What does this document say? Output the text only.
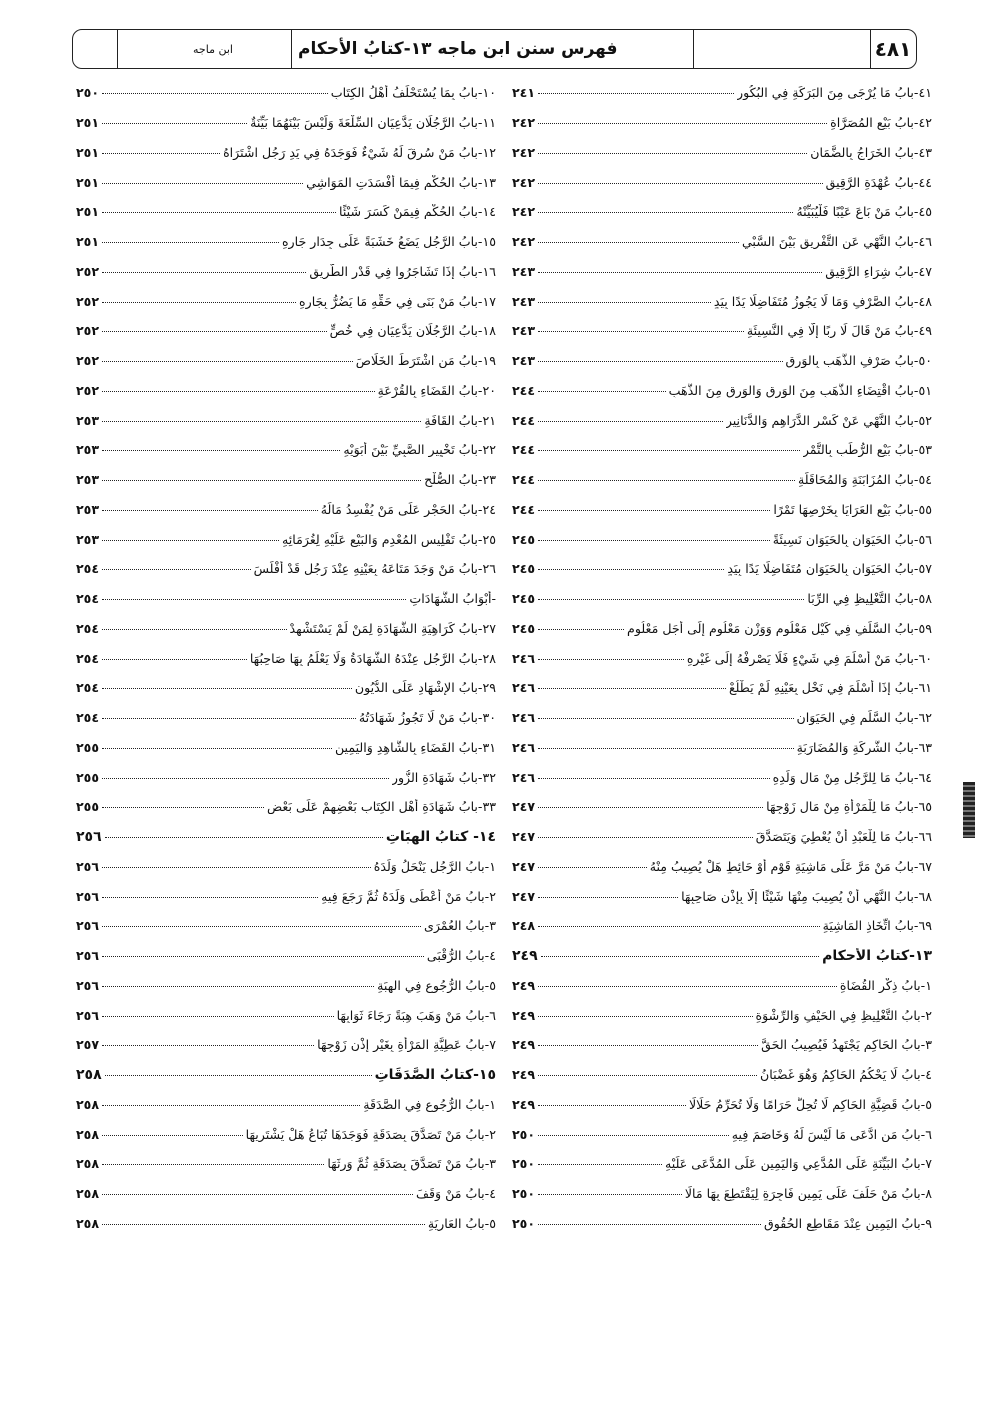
٤٨١
فهرس سنن ابن ماجه ١٣-كتابُ الأحكام
ابن ماجه
٤١-بابُ مَا يُرْجَى مِنَ البَرَكَةِ فِي البُكُورِ
٢٤١
٤٢-بابُ بَيْعِ المُصَرَّاةِ
٢٤٢
٤٣-بابُ الخَرَاجُ بِالضَّمَانِ
٢٤٢
٤٤-بابُ عُهْدَةِ الرَّقِيقِ
٢٤٢
٤٥-بابُ مَنْ بَاعَ عَيْبًا فَلْيُبَيِّنْهُ
٢٤٢
٤٦-بابُ النَّهْيِ عَنِ التَّفْرِيقِ بَيْنَ السَّبْيِ
٢٤٢
٤٧-بابُ شِرَاءِ الرَّقِيقِ
٢٤٣
٤٨-بابُ الصَّرْفِ وَمَا لَا يَجُوزُ مُتَفَاضِلًا يَدًا بِيَدٍ
٢٤٣
٤٩-بابُ مَنْ قَالَ لَا رِبًا إِلَّا فِي النَّسِيئَةِ
٢٤٣
٥٠-بابُ صَرْفِ الذَّهَبِ بِالوَرِقِ
٢٤٣
٥١-بابُ اقْتِضَاءِ الذَّهَبِ مِنَ الوَرِقِ وَالوَرِقِ مِنَ الذَّهَبِ
٢٤٤
٥٢-بابُ النَّهْيِ عَنْ كَسْرِ الدَّرَاهِمِ وَالدَّنَانِيرِ
٢٤٤
٥٣-بابُ بَيْعِ الرُّطَبِ بِالتَّمْرِ
٢٤٤
٥٤-بابُ المُزَابَنَةِ وَالمُحَاقَلَةِ
٢٤٤
٥٥-بابُ بَيْعِ العَرَايَا بِخَرْصِهَا تَمْرًا
٢٤٤
٥٦-بابُ الحَيَوَانِ بِالحَيَوَانِ نَسِيئَةً
٢٤٥
٥٧-بابُ الحَيَوَانِ بِالحَيَوَانِ مُتَفَاضِلًا يَدًا بِيَدٍ
٢٤٥
٥٨-بابُ التَّغْلِيظِ فِي الرِّبَا
٢٤٥
٥٩-بابُ السَّلَفِ فِي كَيْلٍ مَعْلُومٍ وَوَزْنٍ مَعْلُومٍ إِلَى أَجَلٍ مَعْلُومٍ
٢٤٥
٦٠-بابُ مَنْ أَسْلَمَ فِي شَيْءٍ فَلَا يَصْرِفْهُ إِلَى غَيْرِهِ
٢٤٦
٦١-بابُ إِذَا أَسْلَمَ فِي نَخْلٍ بِعَيْنِهِ لَمْ يَطْلُعْ
٢٤٦
٦٢-بابُ السَّلَمِ فِي الحَيَوَانِ
٢٤٦
٦٣-بابُ الشَّرِكَةِ وَالمُضَارَبَةِ
٢٤٦
٦٤-بابُ مَا لِلرَّجُلِ مِنْ مَالِ وَلَدِهِ
٢٤٦
٦٥-بابُ مَا لِلْمَرْأَةِ مِنْ مَالِ زَوْجِهَا
٢٤٧
٦٦-بابُ مَا لِلْعَبْدِ أَنْ يُعْطِيَ وَيَتَصَدَّقَ
٢٤٧
٦٧-بابُ مَنْ مَرَّ عَلَى مَاشِيَةِ قَوْمٍ أَوْ حَائِطٍ هَلْ يُصِيبُ مِنْهُ
٢٤٧
٦٨-بابُ النَّهْيِ أَنْ يُصِيبَ مِنْهَا شَيْئًا إِلَّا بِإِذْنِ صَاحِبِهَا
٢٤٧
٦٩-بابُ اتِّخَاذِ المَاشِيَةِ
٢٤٨
١٣-كتابُ الأحكامِ
٢٤٩
١-بابُ ذِكْرِ القُضَاةِ
٢٤٩
٢-بابُ التَّغْلِيظِ فِي الحَيْفِ وَالرِّشْوَةِ
٢٤٩
٣-بابُ الحَاكِمِ يَجْتَهِدُ فَيُصِيبُ الحَقَّ
٢٤٩
٤-بابُ لَا يَحْكُمُ الحَاكِمُ وَهُوَ غَضْبَانُ
٢٤٩
٥-بابُ قَضِيَّةِ الحَاكِمِ لَا تُحِلُّ حَرَامًا وَلَا تُحَرِّمُ حَلَالًا
٢٤٩
٦-بابُ مَنِ ادَّعَى مَا لَيْسَ لَهُ وَخَاصَمَ فِيهِ
٢٥٠
٧-بابُ البَيِّنَةِ عَلَى المُدَّعِي وَاليَمِينِ عَلَى المُدَّعَى عَلَيْهِ
٢٥٠
٨-بابُ مَنْ حَلَفَ عَلَى يَمِينٍ فَاجِرَةٍ لِيَقْتَطِعَ بِهَا مَالًا
٢٥٠
٩-بابُ اليَمِينِ عِنْدَ مَقَاطِعِ الحُقُوقِ
٢٥٠
١٠-بابُ بِمَا يُسْتَحْلَفُ أَهْلُ الكِتَابِ
٢٥٠
١١-بابُ الرَّجُلَانِ يَدَّعِيَانِ السِّلْعَةَ وَلَيْسَ بَيْنَهُمَا بَيِّنَةٌ
٢٥١
١٢-بابُ مَنْ سُرِقَ لَهُ شَيْءٌ فَوَجَدَهُ فِي يَدِ رَجُلٍ اشْتَرَاهُ
٢٥١
١٣-بابُ الحُكْمِ فِيمَا أَفْسَدَتِ المَوَاشِي
٢٥١
١٤-بابُ الحُكْمِ فِيمَنْ كَسَرَ شَيْئًا
٢٥١
١٥-بابُ الرَّجُلِ يَضَعُ خَشَبَةً عَلَى جِدَارِ جَارِهِ
٢٥١
١٦-بابُ إِذَا تَشَاجَرُوا فِي قَدْرِ الطَّرِيقِ
٢٥٢
١٧-بابُ مَنْ بَنَى فِي حَقِّهِ مَا يَضُرُّ بِجَارِهِ
٢٥٢
١٨-بابُ الرَّجُلَانِ يَدَّعِيَانِ فِي خُصٍّ
٢٥٢
١٩-بابُ مَنِ اشْتَرَطَ الخَلَاصَ
٢٥٢
٢٠-بابُ القَضَاءِ بِالقُرْعَةِ
٢٥٢
٢١-بابُ القَافَةِ
٢٥٣
٢٢-بابُ تَخْيِيرِ الصَّبِيِّ بَيْنَ أَبَوَيْهِ
٢٥٣
٢٣-بابُ الصُّلْحِ
٢٥٣
٢٤-بابُ الحَجْرِ عَلَى مَنْ يُفْسِدُ مَالَهُ
٢٥٣
٢٥-بابُ تَفْلِيسِ المُعْدِمِ وَالبَيْعِ عَلَيْهِ لِغُرَمَائِهِ
٢٥٣
٢٦-بابُ مَنْ وَجَدَ مَتَاعَهُ بِعَيْنِهِ عِنْدَ رَجُلٍ قَدْ أَفْلَسَ
٢٥٤
-أَبْوَابُ الشَّهَادَاتِ
٢٥٤
٢٧-بابُ كَرَاهِيَةِ الشَّهَادَةِ لِمَنْ لَمْ يَسْتَشْهِدْ
٢٥٤
٢٨-بابُ الرَّجُلِ عِنْدَهُ الشَّهَادَةُ وَلَا يَعْلَمُ بِهَا صَاحِبُهَا
٢٥٤
٢٩-بابُ الإِشْهَادِ عَلَى الدُّيُونِ
٢٥٤
٣٠-بابُ مَنْ لَا تَجُوزُ شَهَادَتُهُ
٢٥٤
٣١-بابُ القَضَاءِ بِالشَّاهِدِ وَاليَمِينِ
٢٥٥
٣٢-بابُ شَهَادَةِ الزُّورِ
٢٥٥
٣٣-بابُ شَهَادَةِ أَهْلِ الكِتَابِ بَعْضِهِمْ عَلَى بَعْضٍ
٢٥٥
١٤- كتابُ الهِبَاتِ
٢٥٦
١-بابُ الرَّجُلِ يَنْحَلُ وَلَدَهُ
٢٥٦
٢-بابُ مَنْ أَعْطَى وَلَدَهُ ثُمَّ رَجَعَ فِيهِ
٢٥٦
٣-بابُ العُمْرَى
٢٥٦
٤-بابُ الرُّقْبَى
٢٥٦
٥-بابُ الرُّجُوعِ فِي الهِبَةِ
٢٥٦
٦-بابُ مَنْ وَهَبَ هِبَةً رَجَاءَ ثَوَابِهَا
٢٥٦
٧-بابُ عَطِيَّةِ المَرْأَةِ بِغَيْرِ إِذْنِ زَوْجِهَا
٢٥٧
١٥-كتابُ الصَّدَقَاتِ
٢٥٨
١-بابُ الرُّجُوعِ فِي الصَّدَقَةِ
٢٥٨
٢-بابُ مَنْ تَصَدَّقَ بِصَدَقَةٍ فَوَجَدَهَا تُبَاعُ هَلْ يَشْتَرِيهَا
٢٥٨
٣-بابُ مَنْ تَصَدَّقَ بِصَدَقَةٍ ثُمَّ وَرِثَهَا
٢٥٨
٤-بابُ مَنْ وَقَفَ
٢٥٨
٥-بابُ العَارِيَةِ
٢٥٨
